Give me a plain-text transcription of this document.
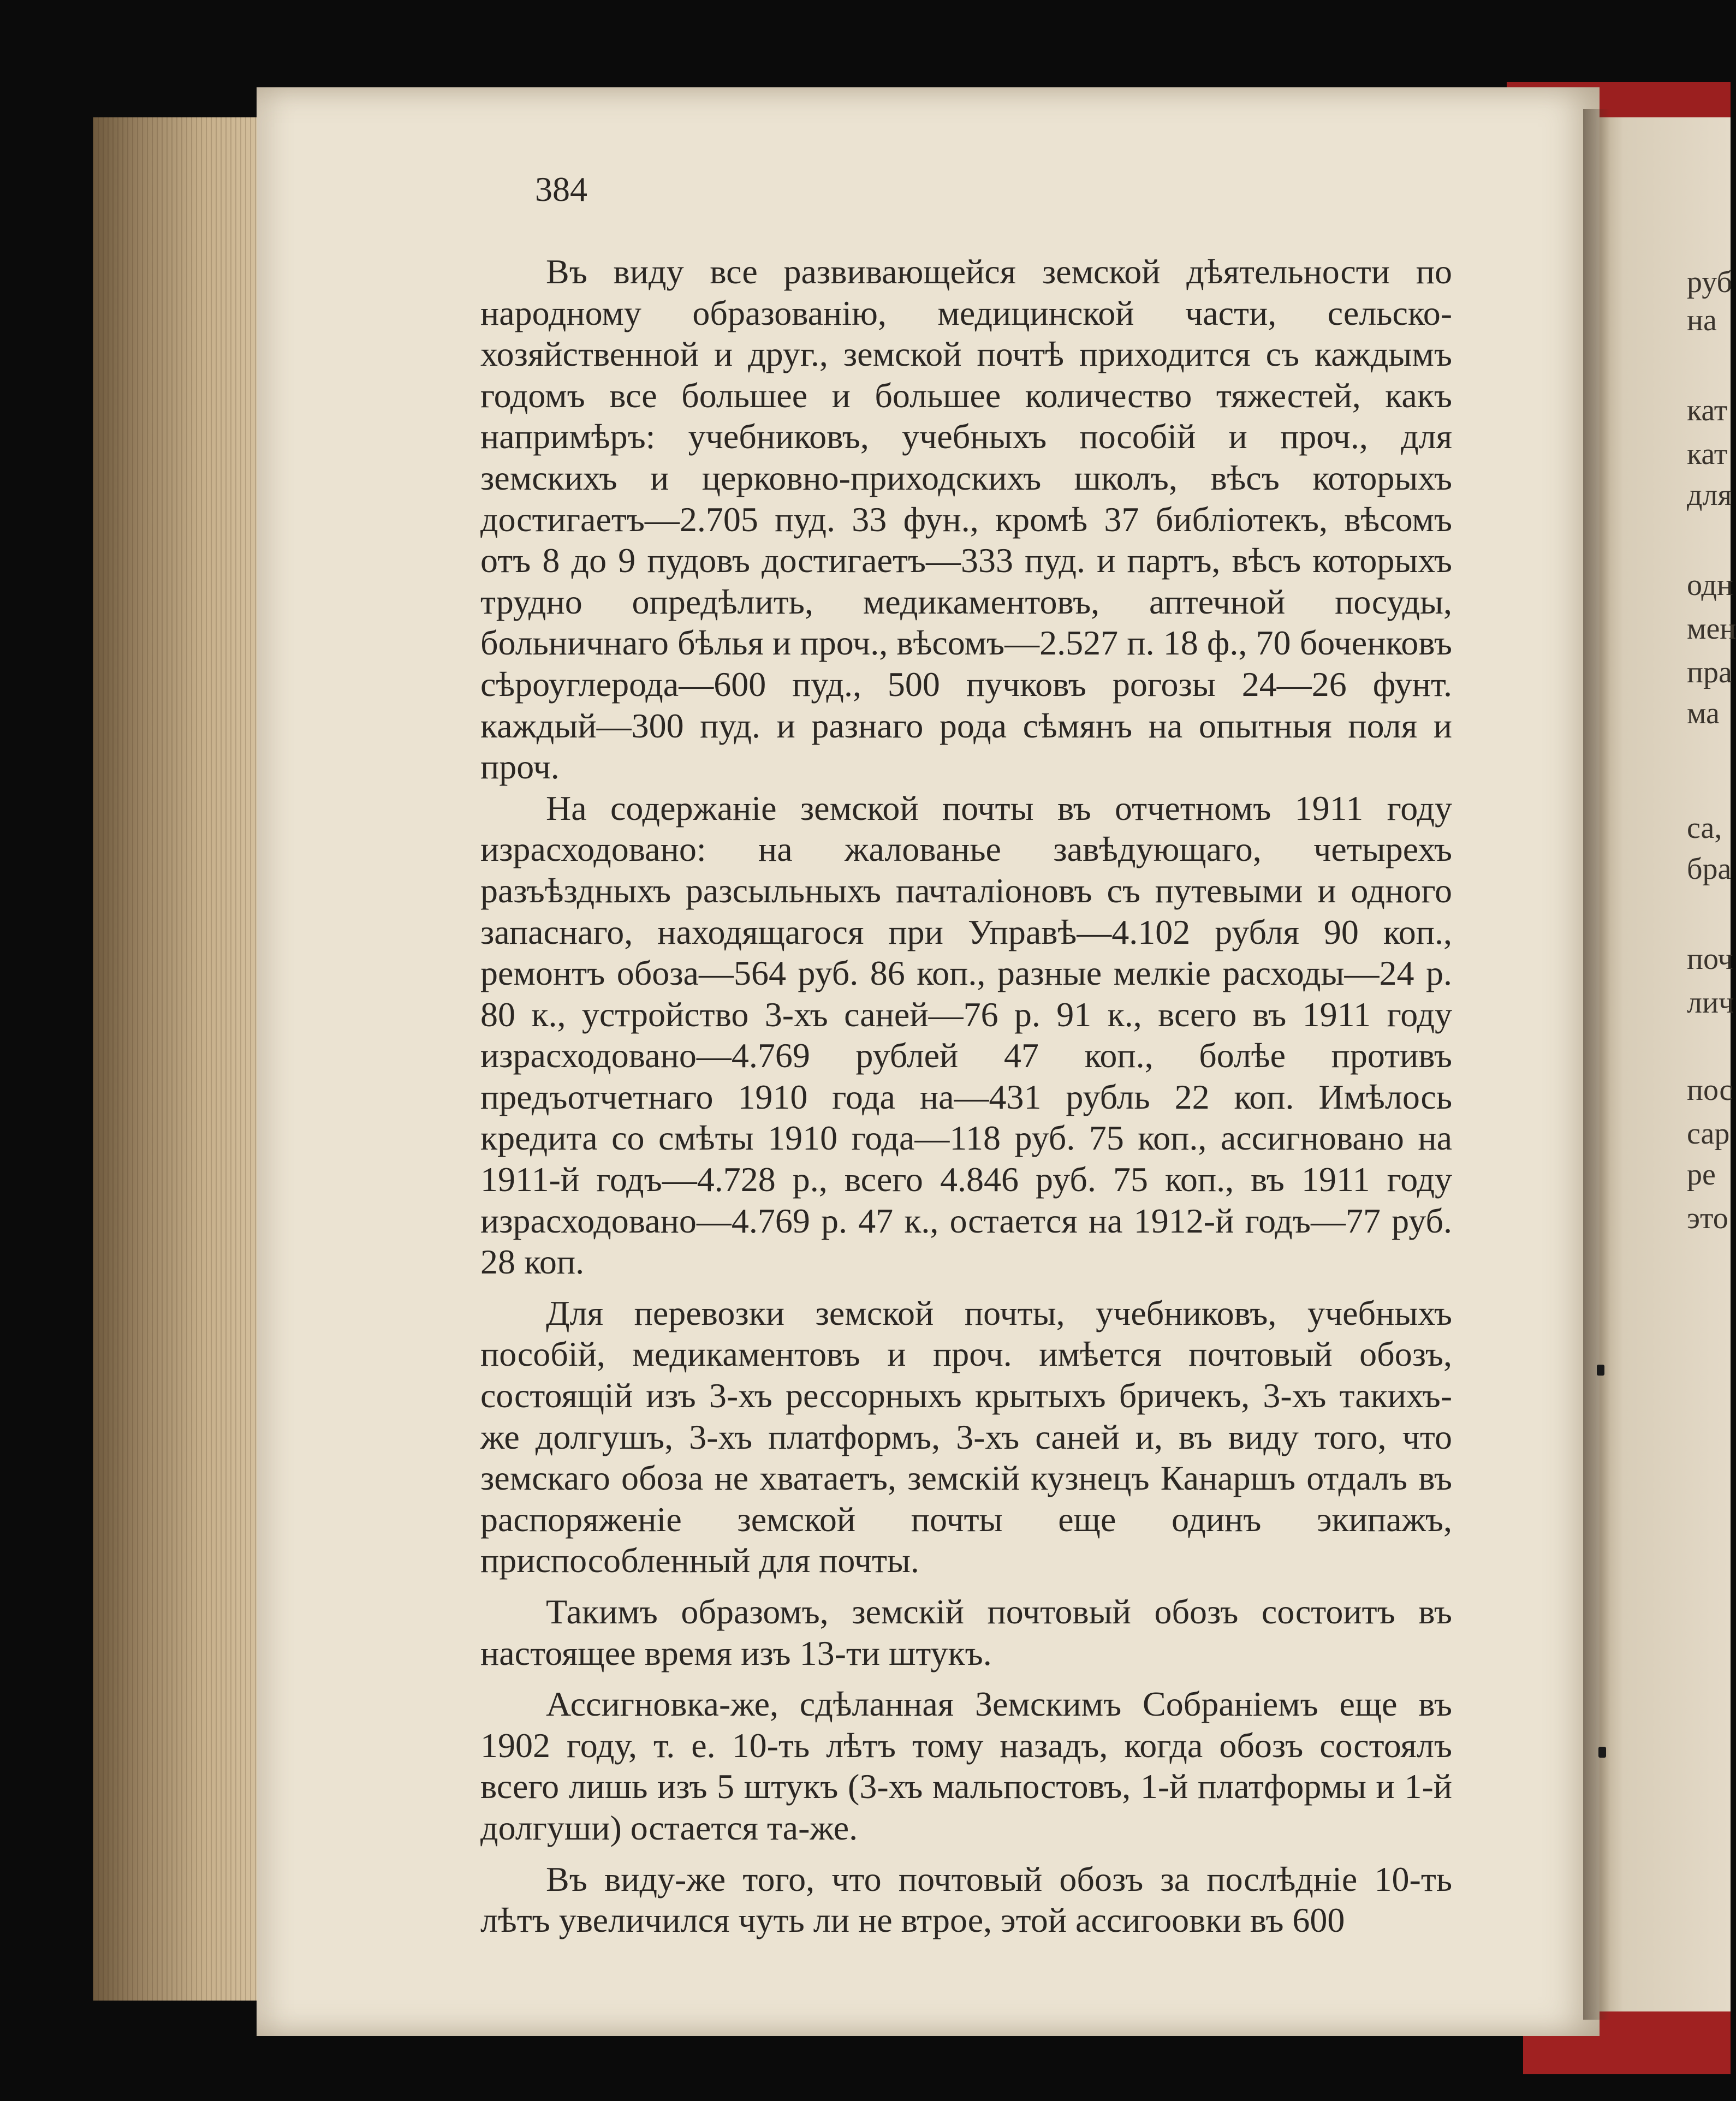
руб
на
кат
кат
для
одн
мен
пра
ма
са,
бра
поч
лич
пос
сар
ре
это
384

Въ виду все развивающейся земской дѣятельности по народному образованію, медицинской части, сельско-хозяйственной и друг., земской почтѣ приходится съ каждымъ годомъ все большее и большее количество тяжестей, какъ напримѣръ: учебниковъ, учебныхъ пособій и проч., для земскихъ и церковно-приходскихъ школъ, вѣсъ которыхъ достигаетъ—2.705 пуд. 33 фун., кромѣ 37 библіотекъ, вѣсомъ отъ 8 до 9 пудовъ достигаетъ—333 пуд. и партъ, вѣсъ которыхъ трудно опредѣлить, медикаментовъ, аптечной посуды, больничнаго бѣлья и проч., вѣсомъ—2.527 п. 18 ф., 70 боченковъ сѣроуглерода—600 пуд., 500 пучковъ рогозы 24—26 фунт. каждый—300 пуд. и разнаго рода сѣмянъ на опытныя поля и проч.

На содержаніе земской почты въ отчетномъ 1911 году израсходовано: на жалованье завѣдующаго, четырехъ разъѣздныхъ разсыльныхъ пачталіоновъ съ путевыми и одного запаснаго, находящагося при Управѣ—4.102 рубля 90 коп., ремонтъ обоза—564 руб. 86 коп., разные мелкіе расходы—24 р. 80 к., устройство 3-хъ саней—76 р. 91 к., всего въ 1911 году израсходовано—4.769 рублей 47 коп., болѣе противъ предъотчетнаго 1910 года на—431 рубль 22 коп. Имѣлось кредита со смѣты 1910 года—118 руб. 75 коп., ассигновано на 1911-й годъ—4.728 р., всего 4.846 руб. 75 коп., въ 1911 году израсходовано—4.769 р. 47 к., остается на 1912-й годъ—77 руб. 28 коп.

Для перевозки земской почты, учебниковъ, учебныхъ пособій, медикаментовъ и проч. имѣется почтовый обозъ, состоящій изъ 3-хъ рессорныхъ крытыхъ бричекъ, 3-хъ такихъ-же долгушъ, 3-хъ платформъ, 3-хъ саней и, въ виду того, что земскаго обоза не хватаетъ, земскій кузнецъ Канаршъ отдалъ въ распоряженіе земской почты еще одинъ экипажъ, приспособленный для почты.

Такимъ образомъ, земскій почтовый обозъ состоитъ въ настоящее время изъ 13-ти штукъ.

Ассигновка-же, сдѣланная Земскимъ Собраніемъ еще въ 1902 году, т. е. 10-ть лѣтъ тому назадъ, когда обозъ состоялъ всего лишь изъ 5 штукъ (3-хъ мальпостовъ, 1-й платформы и 1-й долгуши) остается та-же.

Въ виду-же того, что почтовый обозъ за послѣдніе 10-ть лѣтъ увеличился чуть ли не втрое, этой ассигоовки въ 600
